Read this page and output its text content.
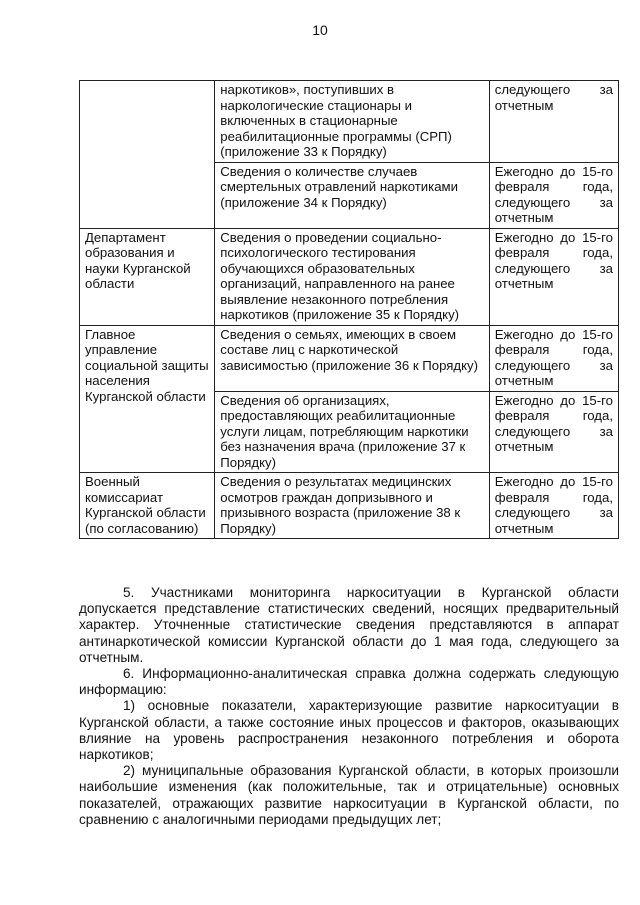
10
	наркотиков», поступивших в наркологические стационары и включенных в стационарные реабилитационные программы (СРП) (приложение 33 к Порядку)	следующего за
отчетным

	Сведения о количестве случаев смертельных отравлений наркотиками (приложение 34 к Порядку)	Ежегодно до 15-го
февраля года,
следующего за
отчетным

Департамент образования и науки Курганской области	Сведения о проведении социально-психологического тестирования обучающихся образовательных организаций, направленного на ранее выявление незаконного потребления наркотиков (приложение 35 к Порядку)	Ежегодно до 15-го
февраля года,
следующего за
отчетным

Главное управление социальной защиты населения Курганской области	Сведения о семьях, имеющих в своем составе лиц с наркотической зависимостью (приложение 36 к Порядку)	Ежегодно до 15-го
февраля года,
следующего за
отчетным

	Сведения об организациях, предоставляющих реабилитационные услуги лицам, потребляющим наркотики без назначения врача (приложение 37 к Порядку)	Ежегодно до 15-го
февраля года,
следующего за
отчетным

Военный комиссариат Курганской области (по согласованию)	Сведения о результатах медицинских осмотров граждан допризывного и призывного возраста (приложение 38 к Порядку)	Ежегодно до 15-го
февраля года,
следующего за
отчетным

5. Участниками мониторинга наркоситуации в Курганской области допускается представление статистических сведений, носящих предварительный характер. Уточненные статистические сведения представляются в аппарат антинаркотической комиссии Курганской области до 1 мая года, следующего за отчетным.

6. Информационно-аналитическая справка должна содержать следующую информацию:

1) основные показатели, характеризующие развитие наркоситуации в Курганской области, а также состояние иных процессов и факторов, оказывающих влияние на уровень распространения незаконного потребления и оборота наркотиков;

2) муниципальные образования Курганской области, в которых произошли наибольшие изменения (как положительные, так и отрицательные) основных показателей, отражающих развитие наркоситуации в Курганской области, по сравнению с аналогичными периодами предыдущих лет;
